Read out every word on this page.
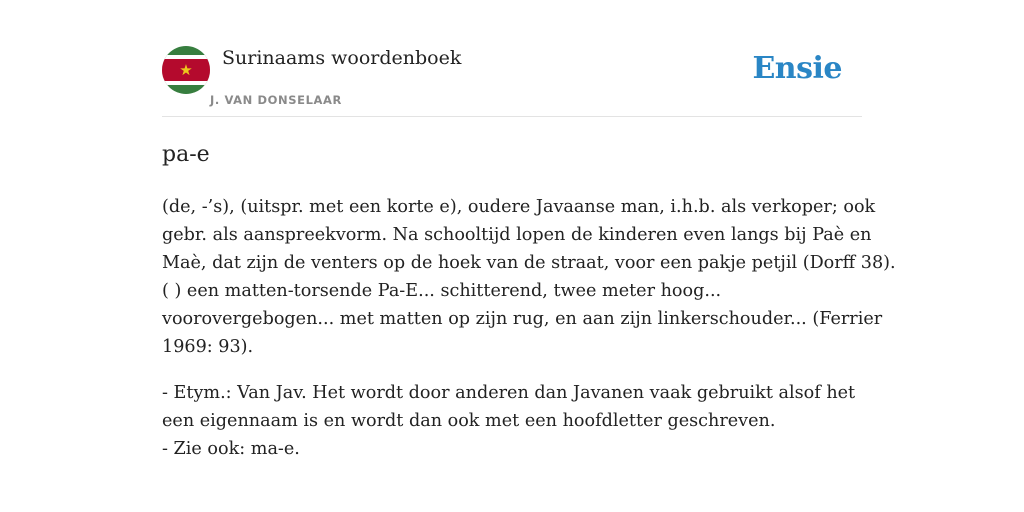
★
Surinaams woordenboek
J. VAN DONSELAAR
Ensie
pa-e

(de, -’s), (uitspr. met een korte e), oudere Javaanse man, i.h.b. als verkoper; ook
gebr. als aanspreekvorm. Na schooltijd lopen de kinderen even langs bij Paè en
Maè, dat zijn de venters op de hoek van de straat, voor een pakje petjil (Dorff 38).
( ) een matten-torsende Pa-E... schitterend, twee meter hoog...
voorovergebogen... met matten op zijn rug, en aan zijn linkerschouder... (Ferrier
1969: 93).

- Etym.: Van Jav. Het wordt door anderen dan Javanen vaak gebruikt alsof het
een eigennaam is en wordt dan ook met een hoofdletter geschreven.
- Zie ook: ma-e.
